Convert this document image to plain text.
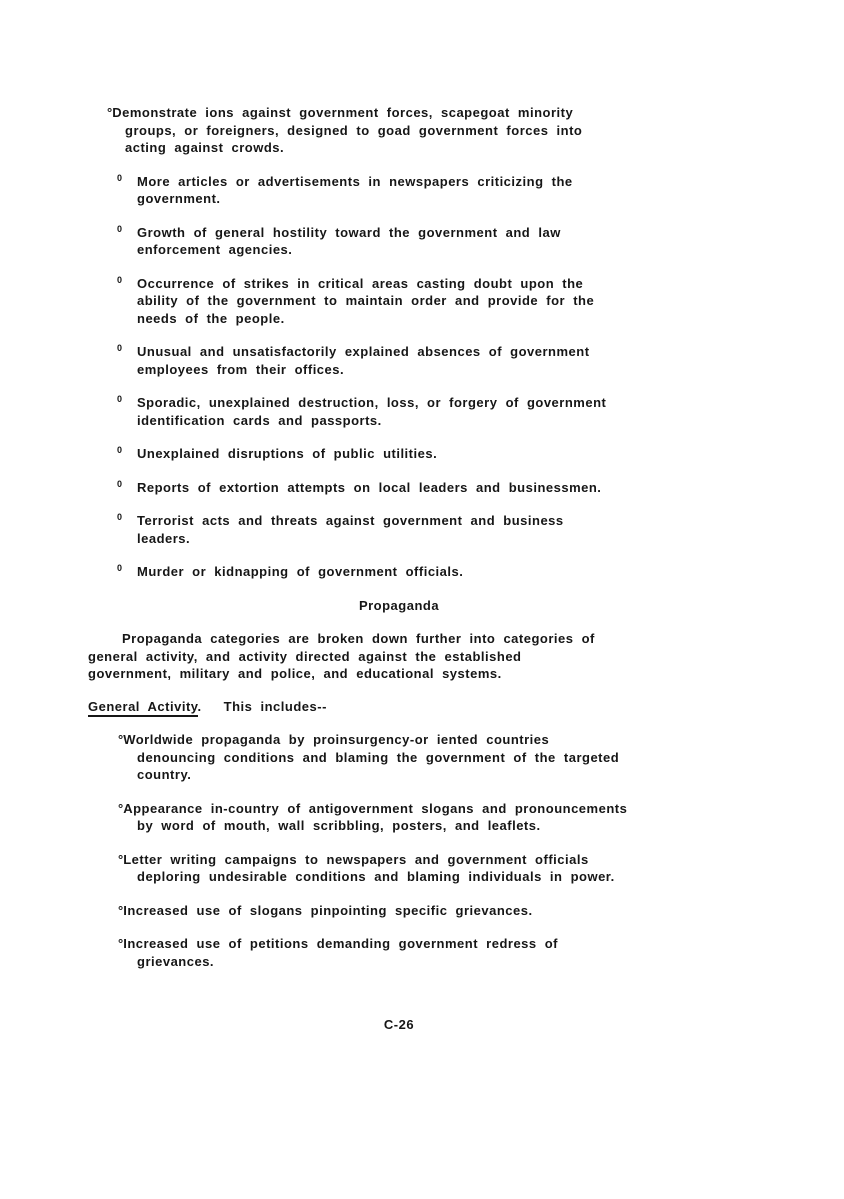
°Demonstrate ions against government forces, scapegoat minority
groups, or foreigners, designed to goad government forces into
acting against crowds.
More articles or advertisements in newspapers criticizing the
government.
0
Growth of general hostility toward the government and law
enforcement agencies.
0
Occurrence of strikes in critical areas casting doubt upon the
ability of the government to maintain order and provide for the
needs of the people.
0
Unusual and unsatisfactorily explained absences of government
employees from their offices.
0
Sporadic, unexplained destruction, loss, or forgery of government
identification cards and passports.
0
Unexplained disruptions of public utilities.
0
Reports of extortion attempts on local leaders and businessmen.
0
Terrorist acts and threats against government and business
leaders.
0
Murder or kidnapping of government officials.
0
Propaganda
Propaganda categories are broken down further into categories of
general activity, and activity directed against the established
government, military and police, and educational systems.
General Activity. This includes--
°Worldwide propaganda by proinsurgency-or iented countries
denouncing conditions and blaming the government of the targeted
country.
°Appearance in-country of antigovernment slogans and pronouncements
by word of mouth, wall scribbling, posters, and leaflets.
°Letter writing campaigns to newspapers and government officials
deploring undesirable conditions and blaming individuals in power.
°Increased use of slogans pinpointing specific grievances.
°Increased use of petitions demanding government redress of
grievances.
C-26
